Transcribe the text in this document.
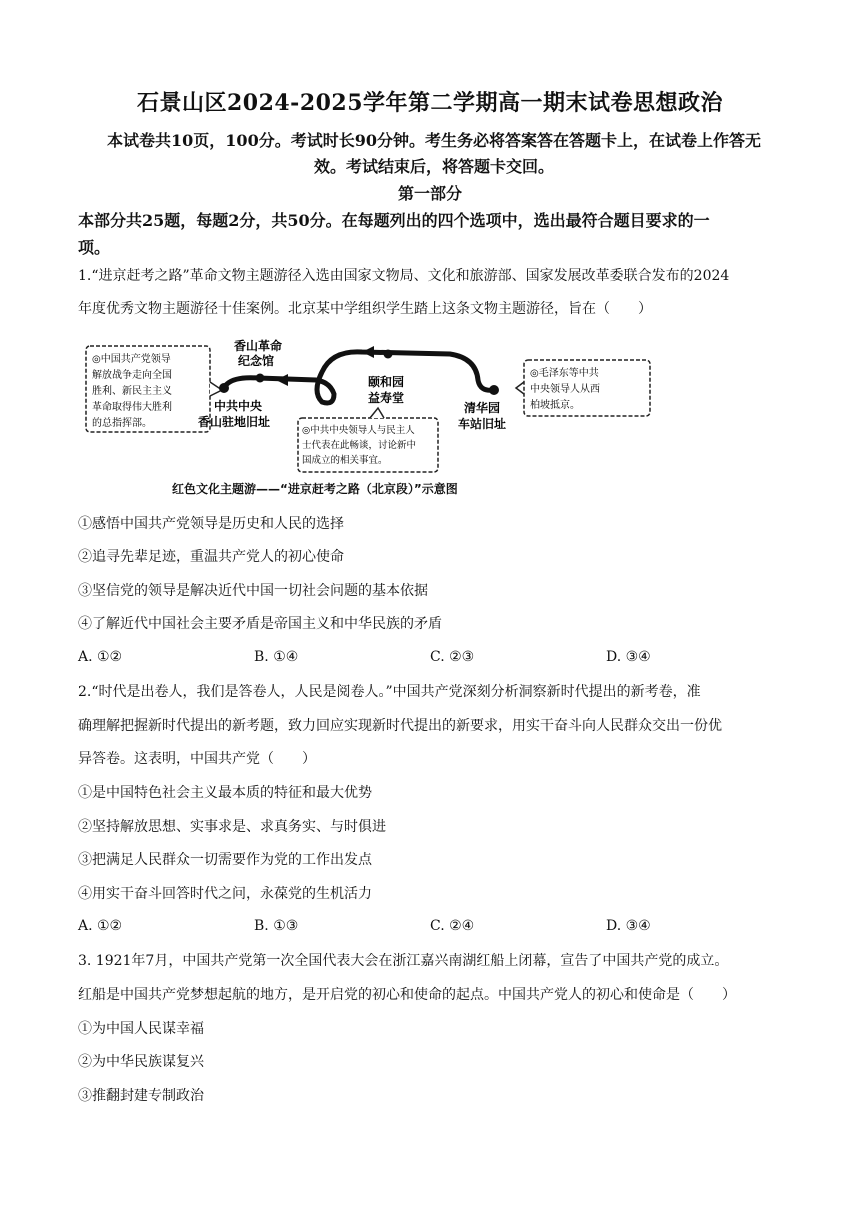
石景山区2024-2025学年第二学期高一期末试卷思想政治
本试卷共10页，100分。考试时长90分钟。考生务必将答案答在答题卡上，在试卷上作答无
效。考试结束后，将答题卡交回。
第一部分
本部分共25题，每题2分，共50分。在每题列出的四个选项中，选出最符合题目要求的一
项。
1.“进京赶考之路”革命文物主题游径入选由国家文物局、文化和旅游部、国家发展改革委联合发布的2024
年度优秀文物主题游径十佳案例。北京某中学组织学生踏上这条文物主题游径，旨在（　　）
◎中国共产党领导
解放战争走向全国
胜利、新民主主义
革命取得伟大胜利
的总指挥部。
香山革命
纪念馆
中共中央
香山驻地旧址
颐和园
益寿堂
清华园
车站旧址
◎中共中央领导人与民主人
士代表在此畅谈，讨论新中
国成立的相关事宜。
◎毛泽东等中共
中央领导人从西
柏坡抵京。
红色文化主题游——“进京赶考之路（北京段）”示意图
①感悟中国共产党领导是历史和人民的选择
②追寻先辈足迹，重温共产党人的初心使命
③坚信党的领导是解决近代中国一切社会问题的基本依据
④了解近代中国社会主要矛盾是帝国主义和中华民族的矛盾
A. ①②	B. ①④	C. ②③	D. ③④
2.“时代是出卷人，我们是答卷人，人民是阅卷人。”中国共产党深刻分析洞察新时代提出的新考卷，准
确理解把握新时代提出的新考题，致力回应实现新时代提出的新要求，用实干奋斗向人民群众交出一份优
异答卷。这表明，中国共产党（　　）
①是中国特色社会主义最本质的特征和最大优势
②坚持解放思想、实事求是、求真务实、与时俱进
③把满足人民群众一切需要作为党的工作出发点
④用实干奋斗回答时代之问，永葆党的生机活力
A. ①②	B. ①③	C. ②④	D. ③④
3. 1921年7月，中国共产党第一次全国代表大会在浙江嘉兴南湖红船上闭幕，宣告了中国共产党的成立。
红船是中国共产党梦想起航的地方，是开启党的初心和使命的起点。中国共产党人的初心和使命是（　　）
①为中国人民谋幸福
②为中华民族谋复兴
③推翻封建专制政治
